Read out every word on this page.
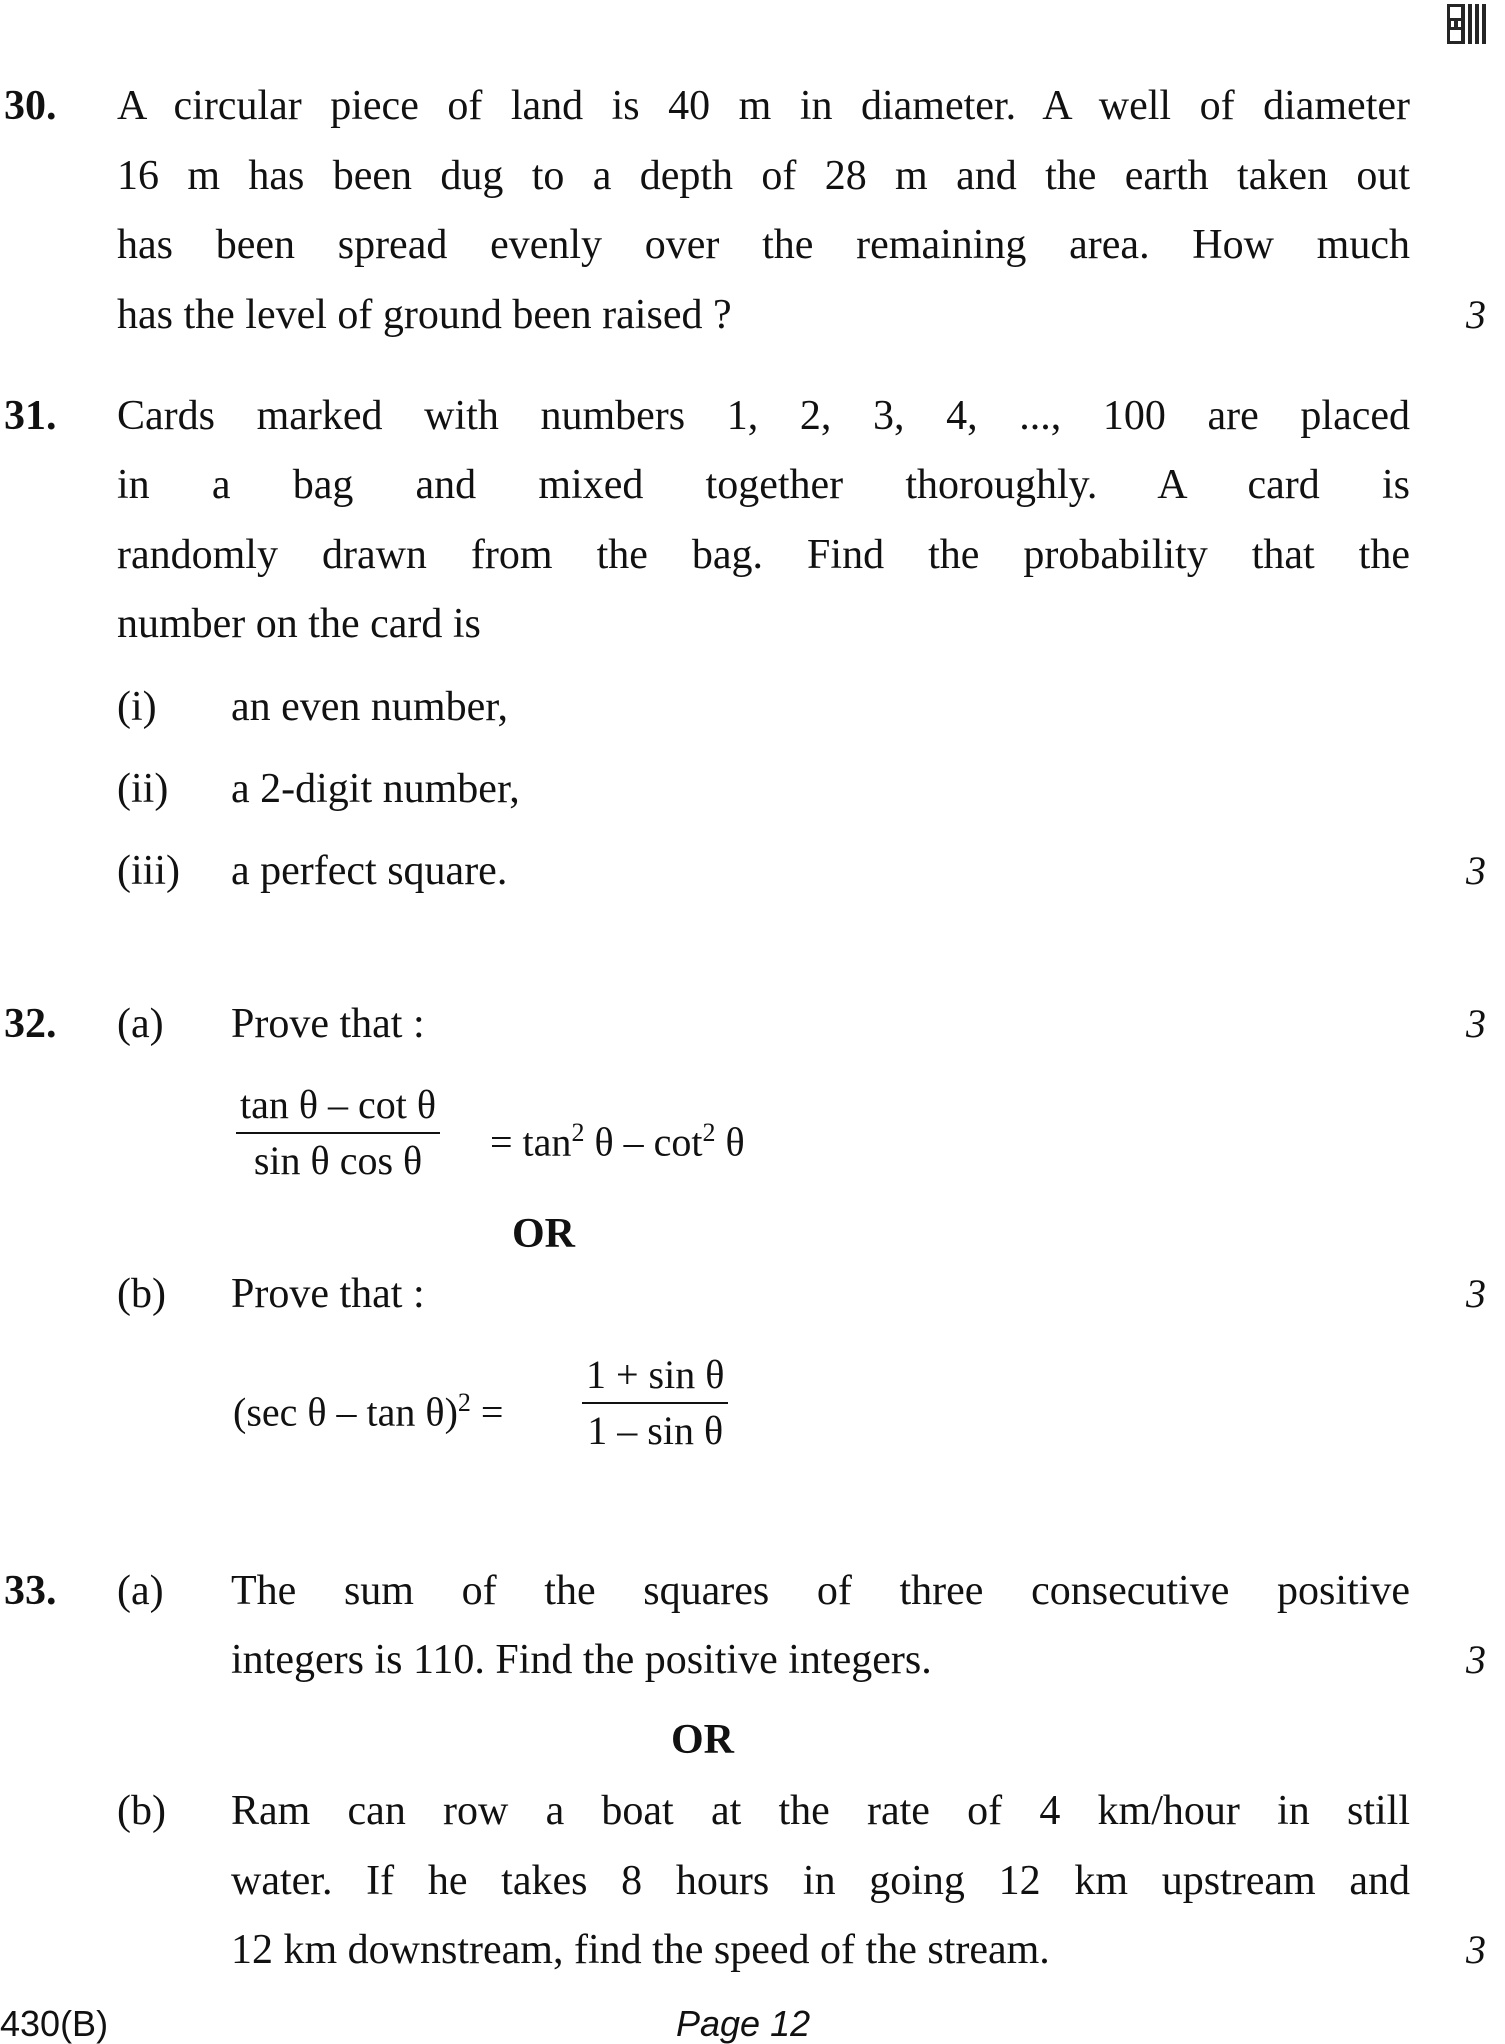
30. A circular piece of land is 40 m in diameter. A well of diameter
16 m has been dug to a depth of 28 m and the earth taken out
has been spread evenly over the remaining area. How much
has the level of ground been raised ?	3
31. Cards marked with numbers 1, 2, 3, 4, ..., 100 are placed
in a bag and mixed together thoroughly. A card is
randomly drawn from the bag. Find the probability that the
number on the card is
(i) an even number,
(ii) a 2-digit number,
(iii) a perfect square.	3
32. (a) Prove that :	3
$\frac{\text{tan θ – cot θ}}{\text{sin θ cos θ}} = \tan^2 \theta - \cot^2 \theta$
OR
(b) Prove that :	3
(sec $\theta - \tan \theta)^2 = \frac{\text{1 + sin θ}}{\text{1 – sin θ}}$
33. (a) The sum of the squares of three consecutive positive
integers is 110. Find the positive integers.	3
OR
(b) Ram can row a boat at the rate of 4 km/hour in still
water. If he takes 8 hours in going 12 km upstream and
12 km downstream, find the speed of the stream.	3
430(B)	Page 12
